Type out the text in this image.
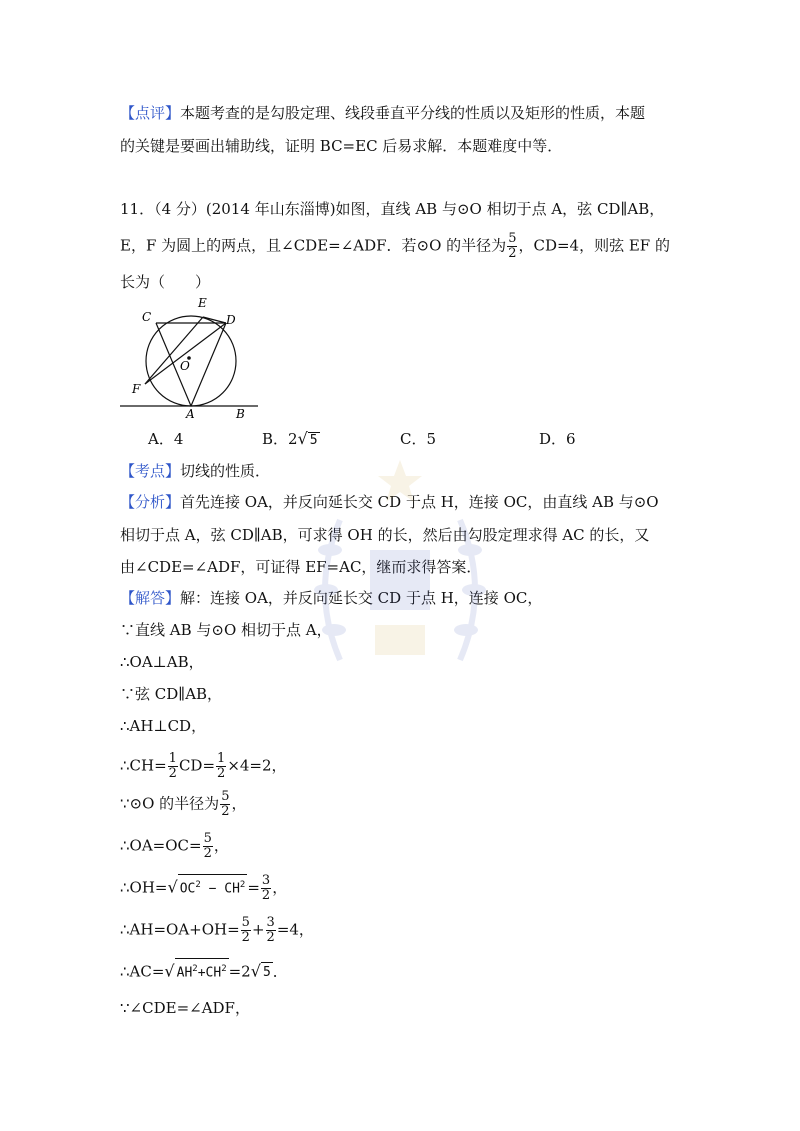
【点评】本题考查的是勾股定理、线段垂直平分线的性质以及矩形的性质，本题
的关键是要画出辅助线，证明 BC=EC 后易求解．本题难度中等．
11．（4 分）(2014 年山东淄博)如图，直线 AB 与⊙O 相切于点 A，弦 CD∥AB，
E，F 为圆上的两点，且∠CDE=∠ADF．若⊙O 的半径为 $\frac{5}{2}$ ，CD=4，则弦 EF 的
长为（　　）
C
E
D
O
F
A	B
A．4	B．2√ 5	C．5	D．6
【考点】切线的性质．
【分析】首先连接 OA，并反向延长交 CD 于点 H，连接 OC，由直线 AB 与⊙O
相切于点 A，弦 CD∥AB，可求得 OH 的长，然后由勾股定理求得 AC 的长，又
由∠CDE=∠ADF，可证得 EF=AC，继而求得答案．
【解答】解：连接 OA，并反向延长交 CD 于点 H，连接 OC，
∵直线 AB 与⊙O 相切于点 A，
∴OA⊥AB，
∵弦 CD∥AB，
∴AH⊥CD，
∴CH= $\frac{1}{2} CD= \frac{1}{2} \times 4=2$，
∵⊙O 的半径为 $\frac{5}{2}$ ，
∴OA=OC= $\frac{5}{2}$ ，
∴OH=√ $OC^2 - CH^2 = \frac{3}{2}$ ，
∴AH=OA+OH= $\frac{5}{2} + \frac{3}{2} =4$，
∴AC=√ $AH^2+CH^2 =2√$ 5 ．
∵∠CDE=∠ADF，
